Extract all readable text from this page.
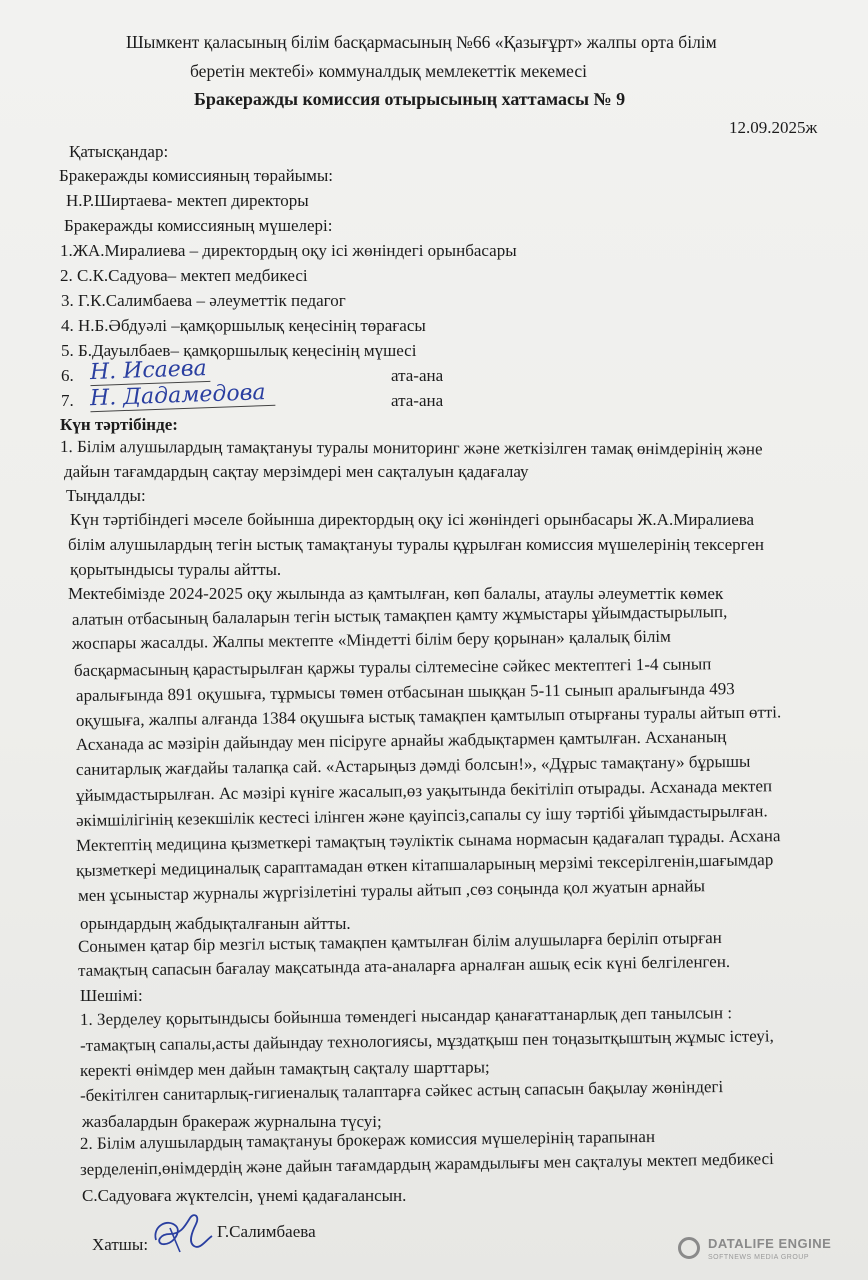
Шымкент қаласының білім басқармасының №66 «Қазығұрт» жалпы орта білім
беретін мектебі» коммуналдық мемлекеттік мекемесі
Бракеражды комиссия отырысының хаттамасы № 9
12.09.2025ж
Қатысқандар:
Бракеражды комиссияның төрайымы:
Н.Р.Ширтаева- мектеп директоры
Бракеражды комиссияның мүшелері:
1.ЖА.Миралиева – директордың оқу ісі жөніндегі орынбасары
2. С.К.Садуова– мектеп медбикесі
3. Г.К.Салимбаева – әлеуметтік педагог
4. Н.Б.Әбдуәлі –қамқоршылық кеңесінің төрағасы
5. Б.Дауылбаев– қамқоршылық кеңесінің мүшесі
6. Н. Исаева	ата-ана
7. Н. Дадамедова	ата-ана
Күн тәртібінде:
1. Білім алушылардың тамақтануы туралы мониторинг және жеткізілген тамақ өнімдерінің және
дайын тағамдардың сақтау мерзімдері мен сақталуын қадағалау
Тыңдалды:
Күн тәртібіндегі мәселе бойынша директордың оқу ісі жөніндегі орынбасары Ж.А.Миралиева
білім алушылардың тегін ыстық тамақтануы туралы құрылған комиссия мүшелерінің тексерген
қорытындысы туралы айтты.
Мектебімізде 2024-2025 оқу жылында аз қамтылған, көп балалы, атаулы әлеуметтік көмек
алатын отбасының балаларын тегін ыстық тамақпен қамту жұмыстары ұйымдастырылып,
жоспары жасалды. Жалпы мектепте «Міндетті білім беру қорынан» қалалық білім
басқармасының қарастырылған қаржы туралы сілтемесіне сәйкес мектептегі 1-4 сынып
аралығында 891 оқушыға, тұрмысы төмен отбасынан шыққан 5-11 сынып аралығында 493
оқушыға, жалпы алғанда 1384 оқушыға ыстық тамақпен қамтылып отырғаны туралы айтып өтті.
Асханада ас мәзірін дайындау мен пісіруге арнайы жабдықтармен қамтылған. Асхананың
санитарлық жағдайы талапқа сай. «Астарыңыз дәмді болсын!», «Дұрыс тамақтану» бұрышы
ұйымдастырылған. Ас мәзірі күнiге жасалып,өз уақытында бекітіліп отырады. Асханада мектеп
әкімшілігінің кезекшілік кестесі ілінген және қауіпсіз,сапалы су ішу тәртібі ұйымдастырылған.
Мектептің медицина қызметкері тамақтың тәуліктік сынама нормасын қадағалап тұрады. Асхана
қызметкері медициналық сараптамадан өткен кітапшаларының мерзімі тексерілгенін,шағымдар
мен ұсыныстар журналы жүргізілетіні туралы айтып ,сөз соңында қол жуатын арнайы
орындардың жабдықталғанын айтты.
Сонымен қатар бір мезгіл ыстық тамақпен қамтылған білім алушыларға беріліп отырған
тамақтың сапасын бағалау мақсатында ата-аналарға арналған ашық есік күні белгіленген.
Шешімі:
1. Зерделеу қорытындысы бойынша төмендегі нысандар қанағаттанарлық деп танылсын :
-тамақтың сапалы,асты дайындау технологиясы, мұздатқыш пен тоңазытқыштың жұмыс істеуі,
керекті өнімдер мен дайын тамақтың сақталу шарттары;
-бекітілген санитарлық-гигиеналық талаптарға сәйкес астың сапасын бақылау жөніндегі
жазбалардын бракераж журналына түсуі;
2. Білім алушылардың тамақтануы брокераж комиссия мүшелерінің тарапынан
зерделеніп,өнімдердің және дайын тағамдардың жарамдылығы мен сақталуы мектеп медбикесі
С.Садуоваға жүктелсін, үнемі қадағалансын.
Хатшы:
Г.Салимбаева
DATALIFE ENGINE
SOFTNEWS MEDIA GROUP
